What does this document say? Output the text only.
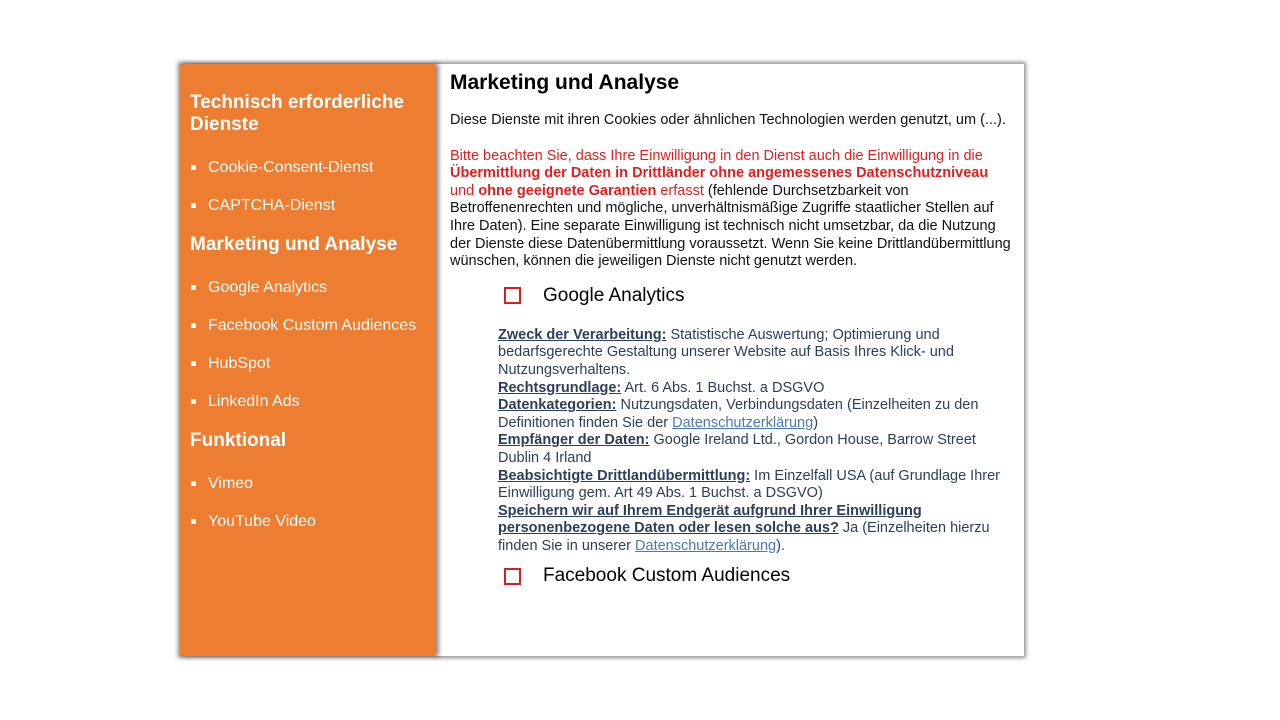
Technisch erforderliche Dienste
Cookie-Consent-Dienst
CAPTCHA-Dienst
Marketing und Analyse
Google Analytics
Facebook Custom Audiences
HubSpot
LinkedIn Ads
Funktional
Vimeo
YouTube Video
Marketing und Analyse

Diese Dienste mit ihren Cookies oder ähnlichen Technologien werden genutzt, um (...).

Bitte beachten Sie, dass Ihre Einwilligung in den Dienst auch die Einwilligung in die Übermittlung der Daten in Drittländer ohne angemessenes Datenschutzniveau und ohne geeignete Garantien erfasst (fehlende Durchsetzbarkeit von Betroffenenrechten und mögliche, unverhältnismäßige Zugriffe staatlicher Stellen auf Ihre Daten). Eine separate Einwilligung ist technisch nicht umsetzbar, da die Nutzung der Dienste diese Datenübermittlung voraussetzt. Wenn Sie keine Drittlandübermittlung wünschen, können die jeweiligen Dienste nicht genutzt werden.

Google Analytics

Zweck der Verarbeitung: Statistische Auswertung; Optimierung und bedarfsgerechte Gestaltung unserer Website auf Basis Ihres Klick- und Nutzungsverhaltens.

Rechtsgrundlage: Art. 6 Abs. 1 Buchst. a DSGVO

Datenkategorien: Nutzungsdaten, Verbindungsdaten (Einzelheiten zu den Definitionen finden Sie der Datenschutzerklärung)

Empfänger der Daten: Google Ireland Ltd., Gordon House, Barrow Street Dublin 4 Irland

Beabsichtigte Drittlandübermittlung: Im Einzelfall USA (auf Grundlage Ihrer Einwilligung gem. Art 49 Abs. 1 Buchst. a DSGVO)

Speichern wir auf Ihrem Endgerät aufgrund Ihrer Einwilligung personenbezogene Daten oder lesen solche aus? Ja (Einzelheiten hierzu finden Sie in unserer Datenschutzerklärung).

Facebook Custom Audiences
